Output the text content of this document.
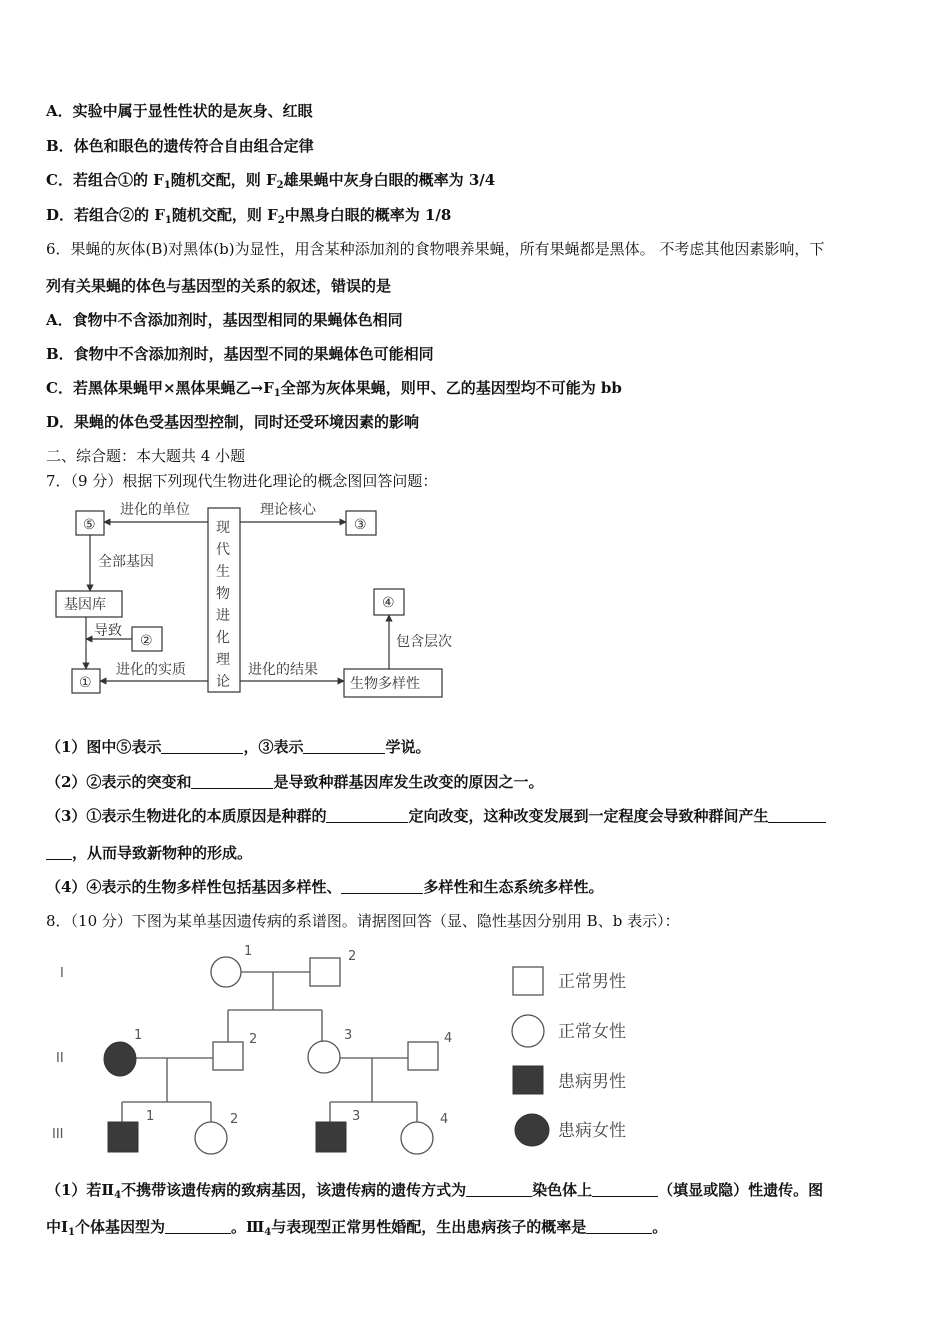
A．实验中属于显性性状的是灰身、红眼
B．体色和眼色的遗传符合自由组合定律
C．若组合①的 $F_1$随机交配，则 $F_2$雄果蝇中灰身白眼的概率为 3/4
D．若组合②的 $F_1$随机交配，则 $F_2$中黑身白眼的概率为 1/8
6．果蝇的灰体(B)对黑体(b)为显性，用含某种添加剂的食物喂养果蝇，所有果蝇都是黑体。 不考虑其他因素影响，下
列有关果蝇的体色与基因型的关系的叙述，错误的是
A．食物中不含添加剂时，基因型相同的果蝇体色相同
B．食物中不含添加剂时，基因型不同的果蝇体色可能相同
C．若黑体果蝇甲×黑体果蝇乙$\to F_1$全部为灰体果蝇，则甲、乙的基因型均不可能为 bb
D．果蝇的体色受基因型控制，同时还受环境因素的影响
二、综合题：本大题共 4 小题
7．（9 分）根据下列现代生物进化理论的概念图回答问题：
现
代
生
物
进
化
理
论
⑤	③
②
④
①
基因库
生物多样性
进化的单位	理论核心
全部基因
导致
进化的实质	进化的结果
包含层次
（1）图中⑤表示	，③表示	学说。
（2）②表示的突变和	是导致种群基因库发生改变的原因之一。
（3）①表示生物进化的本质原因是种群的	定向改变，这种改变发展到一定程度会导致种群间产生
，从而导致新物种的形成。
（4）④表示的生物多样性包括基因多样性、	多样性和生态系统多样性。
8．（10 分）下图为某单基因遗传病的系谱图。请据图回答（显、隐性基因分别用 B、b 表示）：
I
II
III
1	2
1	2	3	4
1	2	3	4
正常男性
正常女性
患病男性
患病女性
（1）若$Ⅱ_4$不携带该遗传病的致病基因，该遗传病的遗传方式为	染色体上	（填显或隐）性遗传。图
中$Ⅰ_1$个体基因型为	。$Ⅲ_4$与表现型正常男性婚配，生出患病孩子的概率是	。
